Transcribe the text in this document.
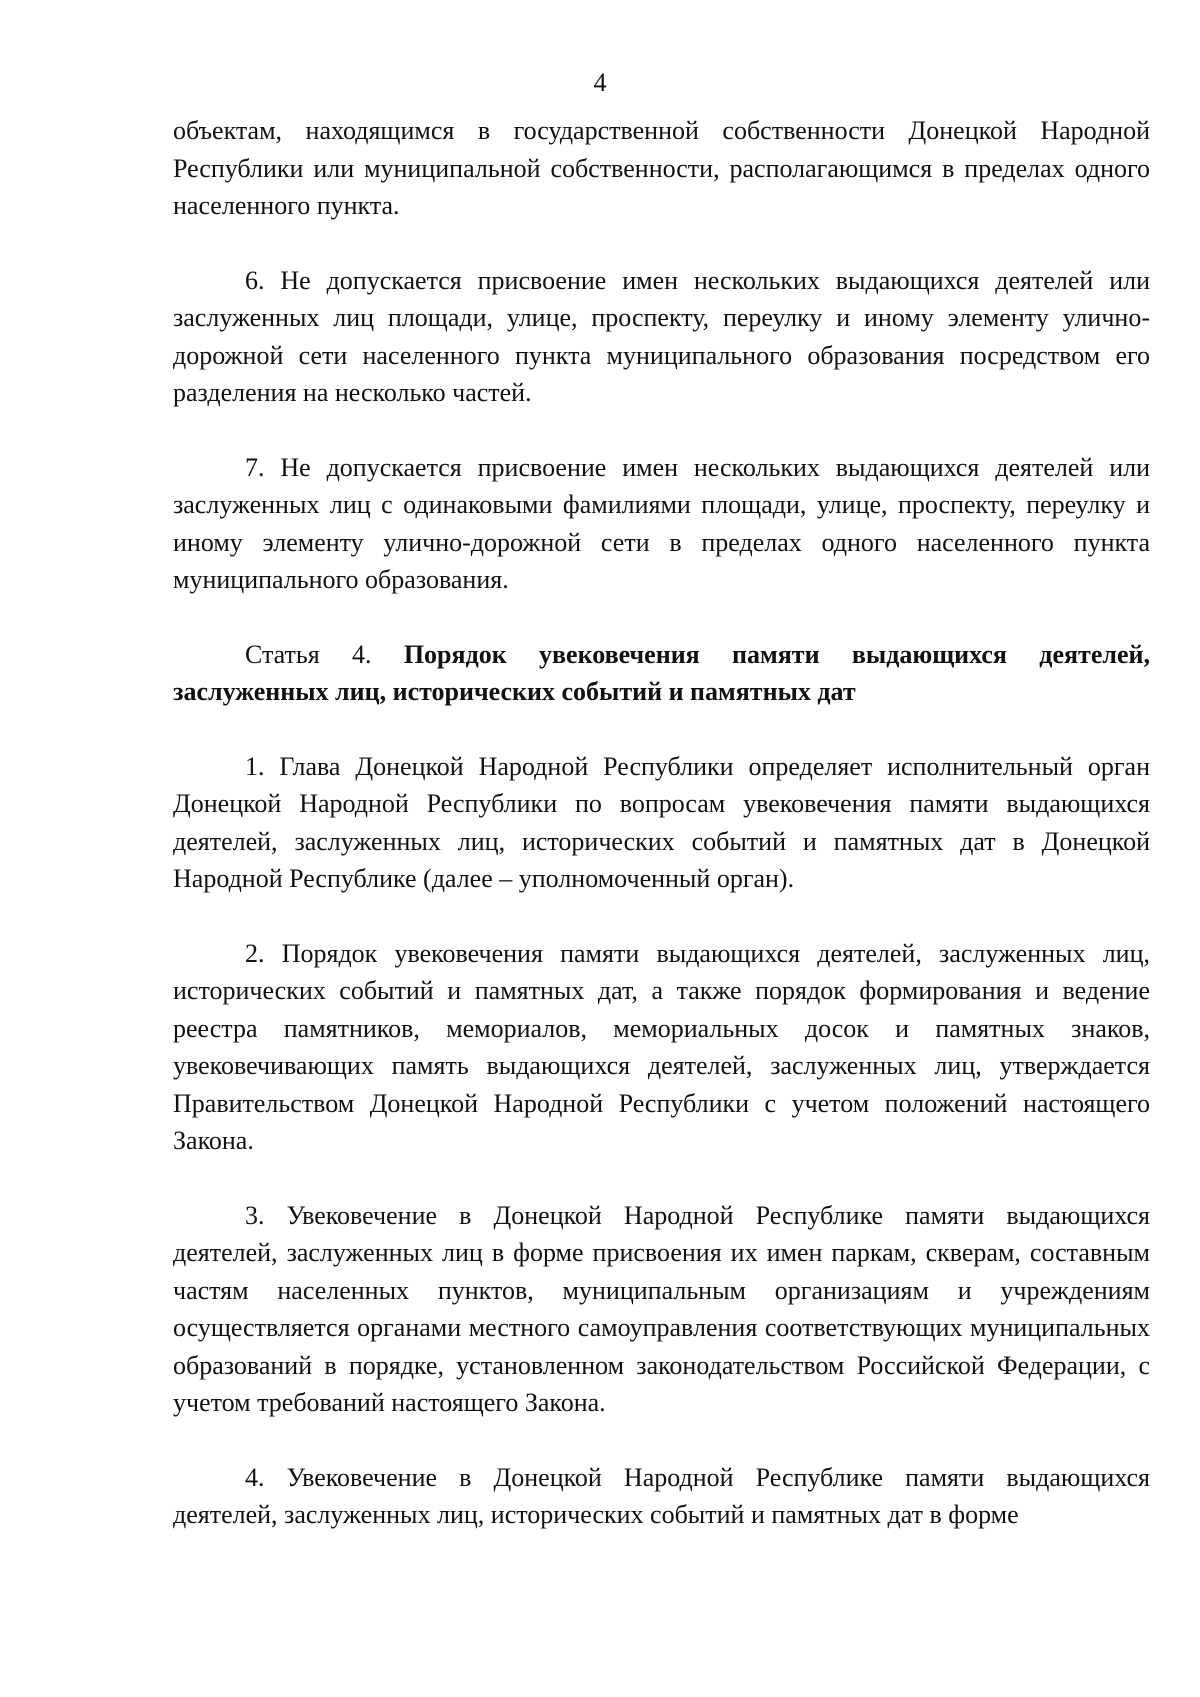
4

объектам, находящимся в государственной собственности Донецкой Народной Республики или муниципальной собственности, располагающимся в пределах одного населенного пункта.

6. Не допускается присвоение имен нескольких выдающихся деятелей или заслуженных лиц площади, улице, проспекту, переулку и иному элементу улично-дорожной сети населенного пункта муниципального образования посредством его разделения на несколько частей.

7. Не допускается присвоение имен нескольких выдающихся деятелей или заслуженных лиц с одинаковыми фамилиями площади, улице, проспекту, переулку и иному элементу улично-дорожной сети в пределах одного населенного пункта муниципального образования.

Статья 4. Порядок увековечения памяти выдающихся деятелей, заслуженных лиц, исторических событий и памятных дат

1. Глава Донецкой Народной Республики определяет исполнительный орган Донецкой Народной Республики по вопросам увековечения памяти выдающихся деятелей, заслуженных лиц, исторических событий и памятных дат в Донецкой Народной Республике (далее – уполномоченный орган).

2. Порядок увековечения памяти выдающихся деятелей, заслуженных лиц, исторических событий и памятных дат, а также порядок формирования и ведение реестра памятников, мемориалов, мемориальных досок и памятных знаков, увековечивающих память выдающихся деятелей, заслуженных лиц, утверждается Правительством Донецкой Народной Республики с учетом положений настоящего Закона.

3. Увековечение в Донецкой Народной Республике памяти выдающихся деятелей, заслуженных лиц в форме присвоения их имен паркам, скверам, составным частям населенных пунктов, муниципальным организациям и учреждениям осуществляется органами местного самоуправления соответствующих муниципальных образований в порядке, установленном законодательством Российской Федерации, с учетом требований настоящего Закона.

4. Увековечение в Донецкой Народной Республике памяти выдающихся деятелей, заслуженных лиц, исторических событий и памятных дат в форме
